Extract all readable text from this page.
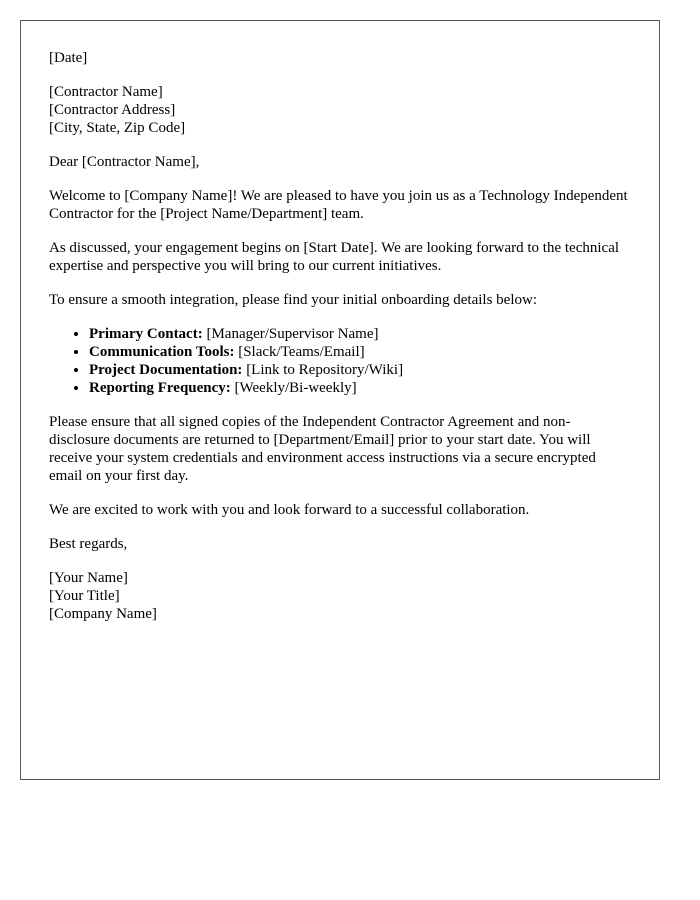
[Date]

[Contractor Name]
[Contractor Address]
[City, State, Zip Code]

Dear [Contractor Name],

Welcome to [Company Name]! We are pleased to have you join us as a Technology Independent Contractor for the [Project Name/Department] team.

As discussed, your engagement begins on [Start Date]. We are looking forward to the technical expertise and perspective you will bring to our current initiatives.

To ensure a smooth integration, please find your initial onboarding details below:

• Primary Contact: [Manager/Supervisor Name]
• Communication Tools: [Slack/Teams/Email]
• Project Documentation: [Link to Repository/Wiki]
• Reporting Frequency: [Weekly/Bi-weekly]

Please ensure that all signed copies of the Independent Contractor Agreement and non-disclosure documents are returned to [Department/Email] prior to your start date. You will receive your system credentials and environment access instructions via a secure encrypted email on your first day.

We are excited to work with you and look forward to a successful collaboration.

Best regards,

[Your Name]
[Your Title]
[Company Name]
